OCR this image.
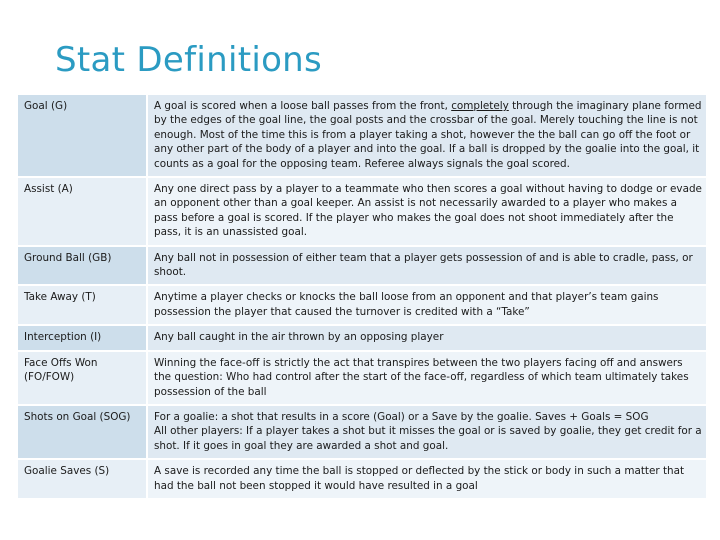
Stat Definitions
Goal (G)	A goal is scored when a loose ball passes from the front, completely through the imaginary plane formed by the edges of the goal line, the goal posts and the crossbar of the goal. Merely touching the line is not enough. Most of the time this is from a player taking a shot, however the the ball can go off the foot or any other part of the body of a player and into the goal. If a ball is dropped by the goalie into the goal, it counts as a goal for the opposing team. Referee always signals the goal scored.
Assist (A)	Any one direct pass by a player to a teammate who then scores a goal without having to dodge or evade an opponent other than a goal keeper. An assist is not necessarily awarded to a player who makes a pass before a goal is scored. If the player who makes the goal does not shoot immediately after the pass, it is an unassisted goal.
Ground Ball (GB)	Any ball not in possession of either team that a player gets possession of and is able to cradle, pass, or shoot.
Take Away (T)	Anytime a player checks or knocks the ball loose from an opponent and that player’s team gains possession the player that caused the turnover is credited with a “Take”
Interception (I)	Any ball caught in the air thrown by an opposing player
Face Offs Won (FO/FOW)	Winning the face-off is strictly the act that transpires between the two players facing off and answers the question: Who had control after the start of the face-off, regardless of which team ultimately takes possession of the ball
Shots on Goal (SOG)	For a goalie: a shot that results in a score (Goal) or a Save by the goalie. Saves + Goals = SOG
All other players: If a player takes a shot but it misses the goal or is saved by goalie, they get credit for a shot. If it goes in goal they are awarded a shot and goal.

Goalie Saves (S)	A save is recorded any time the ball is stopped or deflected by the stick or body in such a matter that had the ball not been stopped it would have resulted in a goal
